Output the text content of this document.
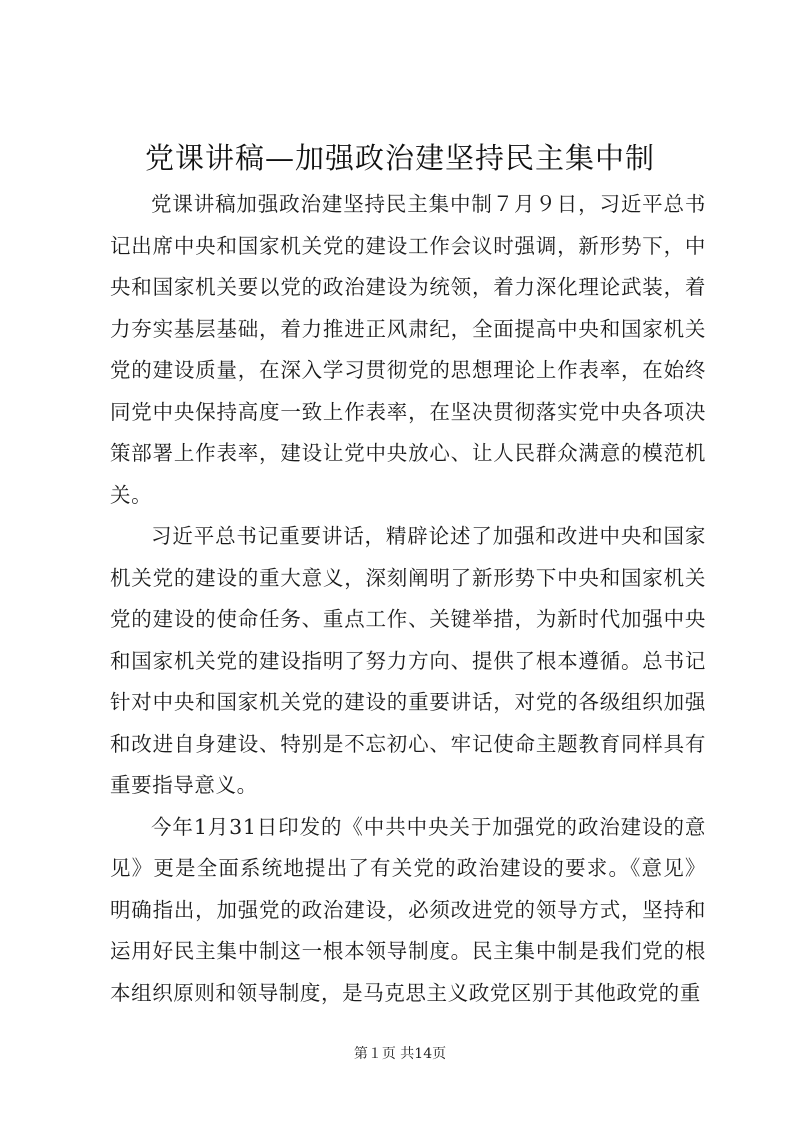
党课讲稿—加强政治建坚持民主集中制

党课讲稿加强政治建坚持民主集中制７月９日，习近平总书记出席中央和国家机关党的建设工作会议时强调，新形势下，中央和国家机关要以党的政治建设为统领，着力深化理论武装，着力夯实基层基础，着力推进正风肃纪，全面提高中央和国家机关党的建设质量，在深入学习贯彻党的思想理论上作表率，在始终同党中央保持高度一致上作表率，在坚决贯彻落实党中央各项决策部署上作表率，建设让党中央放心、让人民群众满意的模范机关。

习近平总书记重要讲话，精辟论述了加强和改进中央和国家机关党的建设的重大意义，深刻阐明了新形势下中央和国家机关党的建设的使命任务、重点工作、关键举措，为新时代加强中央和国家机关党的建设指明了努力方向、提供了根本遵循。总书记针对中央和国家机关党的建设的重要讲话，对党的各级组织加强和改进自身建设、特别是不忘初心、牢记使命主题教育同样具有重要指导意义。

今年1月31日印发的《中共中央关于加强党的政治建设的意见》更是全面系统地提出了有关党的政治建设的要求。《意见》明确指出，加强党的政治建设，必须改进党的领导方式，坚持和运用好民主集中制这一根本领导制度。民主集中制是我们党的根本组织原则和领导制度，是马克思主义政党区别于其他政党的重

第１页 共14页
